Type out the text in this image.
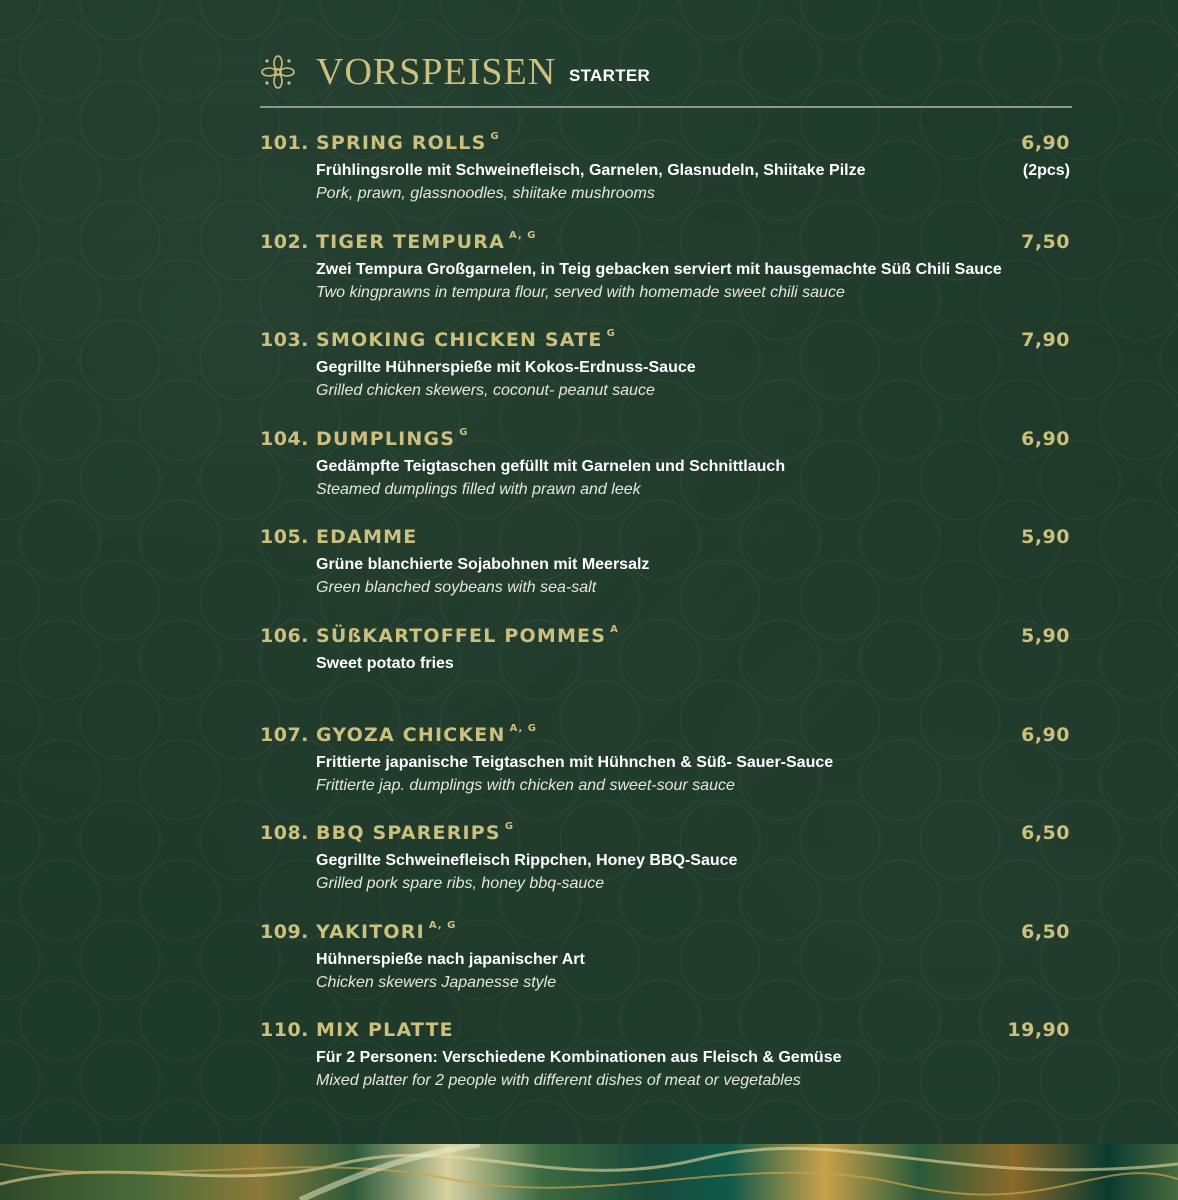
VORSPEISEN STARTER
101. SPRING ROLLS $^G$	6,90
(2pcs)
Frühlingsrolle mit Schweinefleisch, Garnelen, Glasnudeln, Shiitake Pilze
Pork, prawn, glassnoodles, shiitake mushrooms
102. TIGER TEMPURA $^{A, G}$	7,50
Zwei Tempura Großgarnelen, in Teig gebacken serviert mit hausgemachte Süß Chili Sauce
Two kingprawns in tempura flour, served with homemade sweet chili sauce
103. SMOKING CHICKEN SATE $^G$	7,90
Gegrillte Hühnerspieße mit Kokos-Erdnuss-Sauce
Grilled chicken skewers, coconut- peanut sauce
104. DUMPLINGS $^G$	6,90
Gedämpfte Teigtaschen gefüllt mit Garnelen und Schnittlauch
Steamed dumplings filled with prawn and leek
105. EDAMME	5,90
Grüne blanchierte Sojabohnen mit Meersalz
Green blanched soybeans with sea-salt
106. SÜßKARTOFFEL POMMES $^A$	5,90
Sweet potato fries
107. GYOZA CHICKEN $^{A, G}$	6,90
Frittierte japanische Teigtaschen mit Hühnchen & Süß- Sauer-Sauce
Frittierte jap. dumplings with chicken and sweet-sour sauce
108. BBQ SPARERIPS $^G$	6,50
Gegrillte Schweinefleisch Rippchen, Honey BBQ-Sauce
Grilled pork spare ribs, honey bbq-sauce
109. YAKITORI $^{A, G}$	6,50
Hühnerspieße nach japanischer Art
Chicken skewers Japanesse style
110. MIX PLATTE	19,90
Für 2 Personen: Verschiedene Kombinationen aus Fleisch & Gemüse
Mixed platter for 2 people with different dishes of meat or vegetables
